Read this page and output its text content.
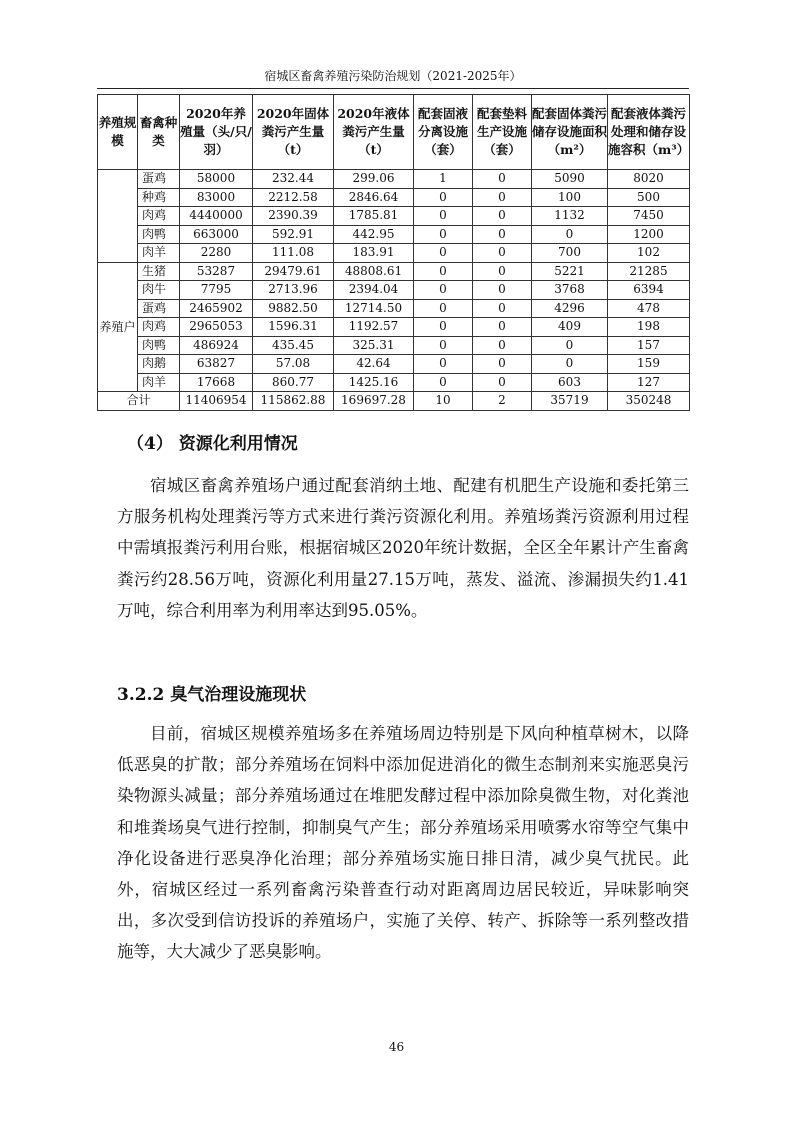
宿城区畜禽养殖污染防治规划（2021-2025年）
养殖规模	畜禽种类	2020年养殖量（头/只/羽）	2020年固体粪污产生量（t）	2020年液体粪污产生量（t）	配套固液分离设施（套）	配套垫料生产设施（套）	配套固体粪污储存设施面积（m²）	配套液体粪污处理和储存设施容积（m³）
	蛋鸡	58000	232.44	299.06	1	0	5090	8020
	种鸡	83000	2212.58	2846.64	0	0	100	500
	肉鸡	4440000	2390.39	1785.81	0	0	1132	7450
	肉鸭	663000	592.91	442.95	0	0	0	1200
	肉羊	2280	111.08	183.91	0	0	700	102
养殖户	生猪	53287	29479.61	48808.61	0	0	5221	21285
	肉牛	7795	2713.96	2394.04	0	0	3768	6394
	蛋鸡	2465902	9882.50	12714.50	0	0	4296	478
	肉鸡	2965053	1596.31	1192.57	0	0	409	198
	肉鸭	486924	435.45	325.31	0	0	0	157
	肉鹅	63827	57.08	42.64	0	0	0	159
	肉羊	17668	860.77	1425.16	0	0	603	127
合计		11406954	115862.88	169697.28	10	2	35719	350248
（4） 资源化利用情况

宿城区畜禽养殖场户通过配套消纳土地、配建有机肥生产设施和委托第三方服务机构处理粪污等方式来进行粪污资源化利用。养殖场粪污资源利用过程中需填报粪污利用台账，根据宿城区2020年统计数据，全区全年累计产生畜禽粪污约28.56万吨，资源化利用量27.15万吨，蒸发、溢流、渗漏损失约1.41万吨，综合利用率为利用率达到95.05%。

3.2.2 臭气治理设施现状

目前，宿城区规模养殖场多在养殖场周边特别是下风向种植草树木，以降低恶臭的扩散；部分养殖场在饲料中添加促进消化的微生态制剂来实施恶臭污染物源头减量；部分养殖场通过在堆肥发酵过程中添加除臭微生物，对化粪池和堆粪场臭气进行控制，抑制臭气产生；部分养殖场采用喷雾水帘等空气集中净化设备进行恶臭净化治理；部分养殖场实施日排日清，减少臭气扰民。此外，宿城区经过一系列畜禽污染普查行动对距离周边居民较近，异味影响突出，多次受到信访投诉的养殖场户，实施了关停、转产、拆除等一系列整改措施等，大大减少了恶臭影响。

46
